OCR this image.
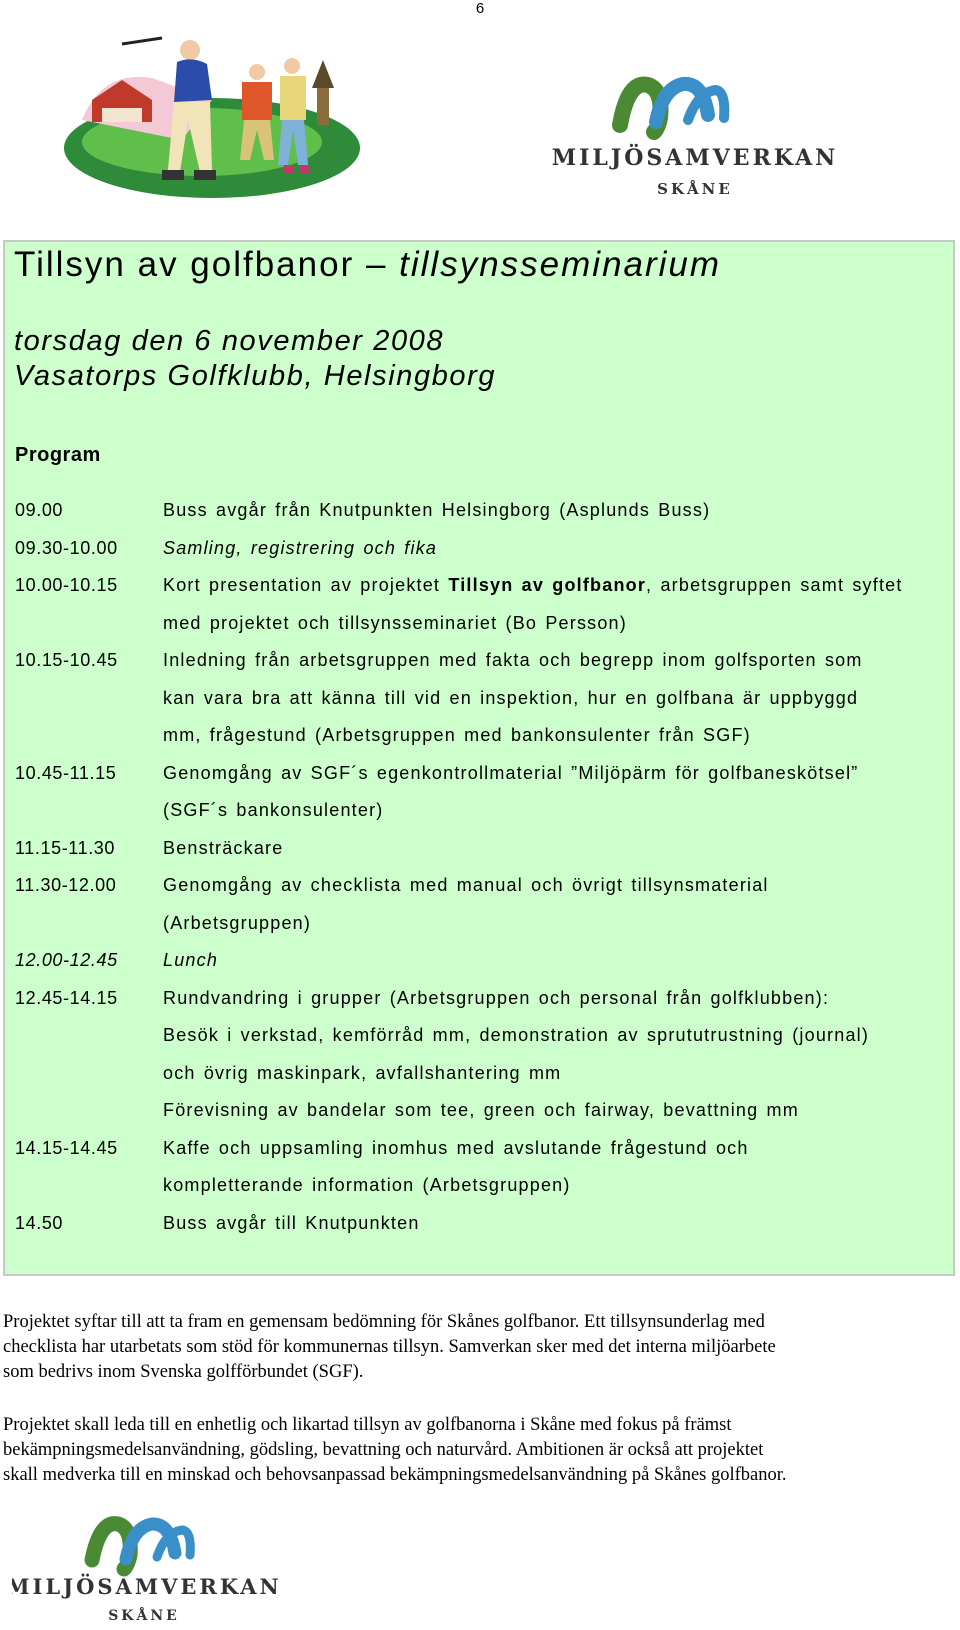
6
MILJÖSAMVERKAN
SKÅNE
Tillsyn av golfbanor – tillsynsseminarium
torsdag den 6 november 2008
Vasatorps Golfklubb, Helsingborg
Program
09.00	Buss avgår från Knutpunkten Helsingborg (Asplunds Buss)
09.30-10.00	Samling, registrering och fika
10.00-10.15	Kort presentation av projektet Tillsyn av golfbanor, arbetsgruppen samt syftet
med projektet och tillsynsseminariet (Bo Persson)
10.15-10.45	Inledning från arbetsgruppen med fakta och begrepp inom golfsporten som
kan vara bra att känna till vid en inspektion, hur en golfbana är uppbyggd
mm, frågestund (Arbetsgruppen med bankonsulenter från SGF)
10.45-11.15	Genomgång av SGF´s egenkontrollmaterial ”Miljöpärm för golfbaneskötsel”
(SGF´s bankonsulenter)
11.15-11.30	Bensträckare
11.30-12.00	Genomgång av checklista med manual och övrigt tillsynsmaterial
(Arbetsgruppen)
12.00-12.45	Lunch
12.45-14.15	Rundvandring i grupper (Arbetsgruppen och personal från golfklubben):
Besök i verkstad, kemförråd mm, demonstration av sprututrustning (journal)
och övrig maskinpark, avfallshantering mm
Förevisning av bandelar som tee, green och fairway, bevattning mm
14.15-14.45	Kaffe och uppsamling inomhus med avslutande frågestund och
kompletterande information (Arbetsgruppen)
14.50	Buss avgår till Knutpunkten
Projektet syftar till att ta fram en gemensam bedömning för Skånes golfbanor. Ett tillsynsunderlag med
checklista har utarbetats som stöd för kommunernas tillsyn. Samverkan sker med det interna miljöarbete
som bedrivs inom Svenska golfförbundet (SGF).
Projektet skall leda till en enhetlig och likartad tillsyn av golfbanorna i Skåne med fokus på främst
bekämpningsmedelsanvändning, gödsling, bevattning och naturvård. Ambitionen är också att projektet
skall medverka till en minskad och behovsanpassad bekämpningsmedelsanvändning på Skånes golfbanor.
MILJÖSAMVERKAN
SKÅNE
